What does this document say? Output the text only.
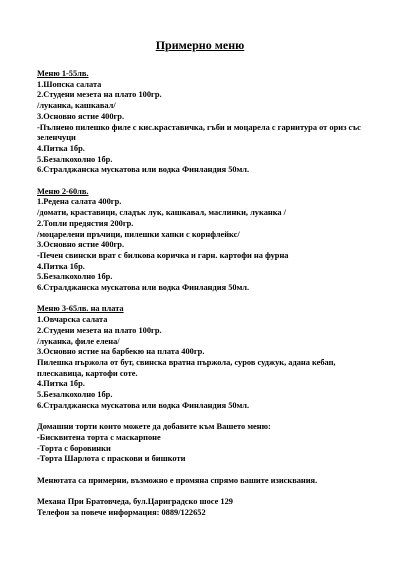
Примерно меню
Меню 1-55лв.
1.Шопска салата
2.Студени мезета на плато 100гр.
/луканка, кашкавал/
3.Основно ястие 400гр.
-Пълнено пилешко филе с кис.краставичка, гъби и моцарела с гарнитура от ориз със зеленчуци
4.Питка 1бр.
5.Безалкохолно 1бр.
6.Стралджанска мускатова или водка Финландия 50мл.
Меню 2-60лв.
1.Редена салата 400гр.
/домати, краставици, сладък лук, кашкавал, маслинки, луканка /
2.Топли предястия 200гр.
/моцарелени пръчици, пилешки хапки с корнфлейкс/
3.Основно ястие 400гр.
-Печен свински врат с билкова коричка и гарн. картофи на фурна
4.Питка 1бр.
5.Безалкохолно 1бр.
6.Стралджанска мускатова или водка Финландия 50мл.
Меню 3-65лв. на плата
1.Овчарска салата
2.Студени мезета на плато 100гр.
/луканка, филе елена/
3.Основно ястие на барбекю на плата 400гр.
Пилешка пържола от бут, свинска вратна пържола, суров суджук, адана кебап, плескавица, картофи соте.
4.Питка 1бр.
5.Безалкохолно 1бр.
6.Стралджанска мускатова или водка Финландия 50мл.
Домашни торти които можете да добавите към Вашето меню:
-Бисквитена торта с маскарпоне
-Торта с боровинки
-Торта Шарлота с праскови и бишкоти
Менютата са примерни, възможно е промяна спрямо вашите изисквания.
Механа При Братовчеда, бул.Цариградско шосе 129
Телефон за повече информация: 0889/122652
